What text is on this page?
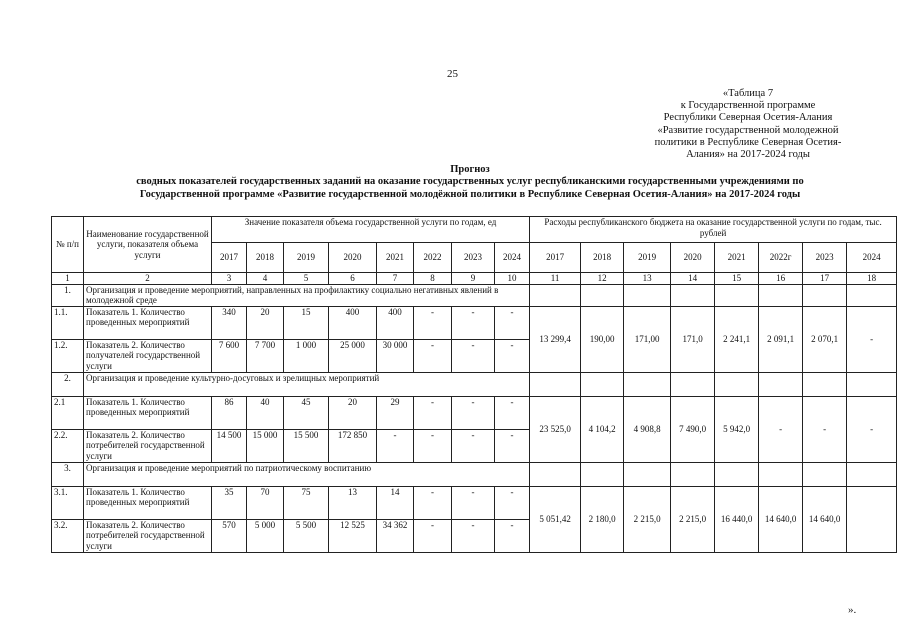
25
«Таблица 7
к Государственной программе
Республики Северная Осетия-Алания
«Развитие государственной молодежной
политики в Республике Северная Осетия-
Алания» на 2017-2024 годы
Прогноз
сводных показателей государственных заданий на оказание государственных услуг республиканскими государственными учреждениями по
Государственной программе «Развитие государственной молодёжной политики в Республике Северная Осетия-Алания» на 2017-2024 годы
№ п/п	Наименование государственной услуги, показателя объема услуги	Значение показателя объема государственной услуги по годам, ед								Расходы республиканского бюджета на оказание государственной услуги по годам, тыс. рублей							
		2017	2018	2019	2020	2021	2022	2023	2024	2017	2018	2019	2020	2021	2022г	2023	2024
1	2	3	4	5	6	7	8	9	10	11	12	13	14	15	16	17	18
1.	Организация и проведение мероприятий, направленных на профилактику социально негативных явлений в молодежной среде																
1.1.	Показатель 1. Количество проведенных мероприятий	340	20	15	400	400	-	-	-	13 299,4	190,00	171,00	171,0	2 241,1	2 091,1	2 070,1	-
1.2.	Показатель 2. Количество получателей государственной услуги	7 600	7 700	1 000	25 000	30 000	-	-	-								
2.	Организация и проведение культурно-досуговых и зрелищных мероприятий																
2.1	Показатель 1. Количество проведенных мероприятий	86	40	45	20	29	-	-	-	23 525,0	4 104,2	4 908,8	7 490,0	5 942,0	-	-	-
2.2.	Показатель 2. Количество потребителей государственной услуги	14 500	15 000	15 500	172 850	-	-	-	-								
3.	Организация и проведение мероприятий по патриотическому воспитанию																
3.1.	Показатель 1. Количество проведенных мероприятий	35	70	75	13	14	-	-	-	5 051,42	2 180,0	2 215,0	2 215,0	16 440,0	14 640,0	14 640,0	
3.2.	Показатель 2. Количество потребителей государственной услуги	570	5 000	5 500	12 525	34 362	-	-	-								
».
